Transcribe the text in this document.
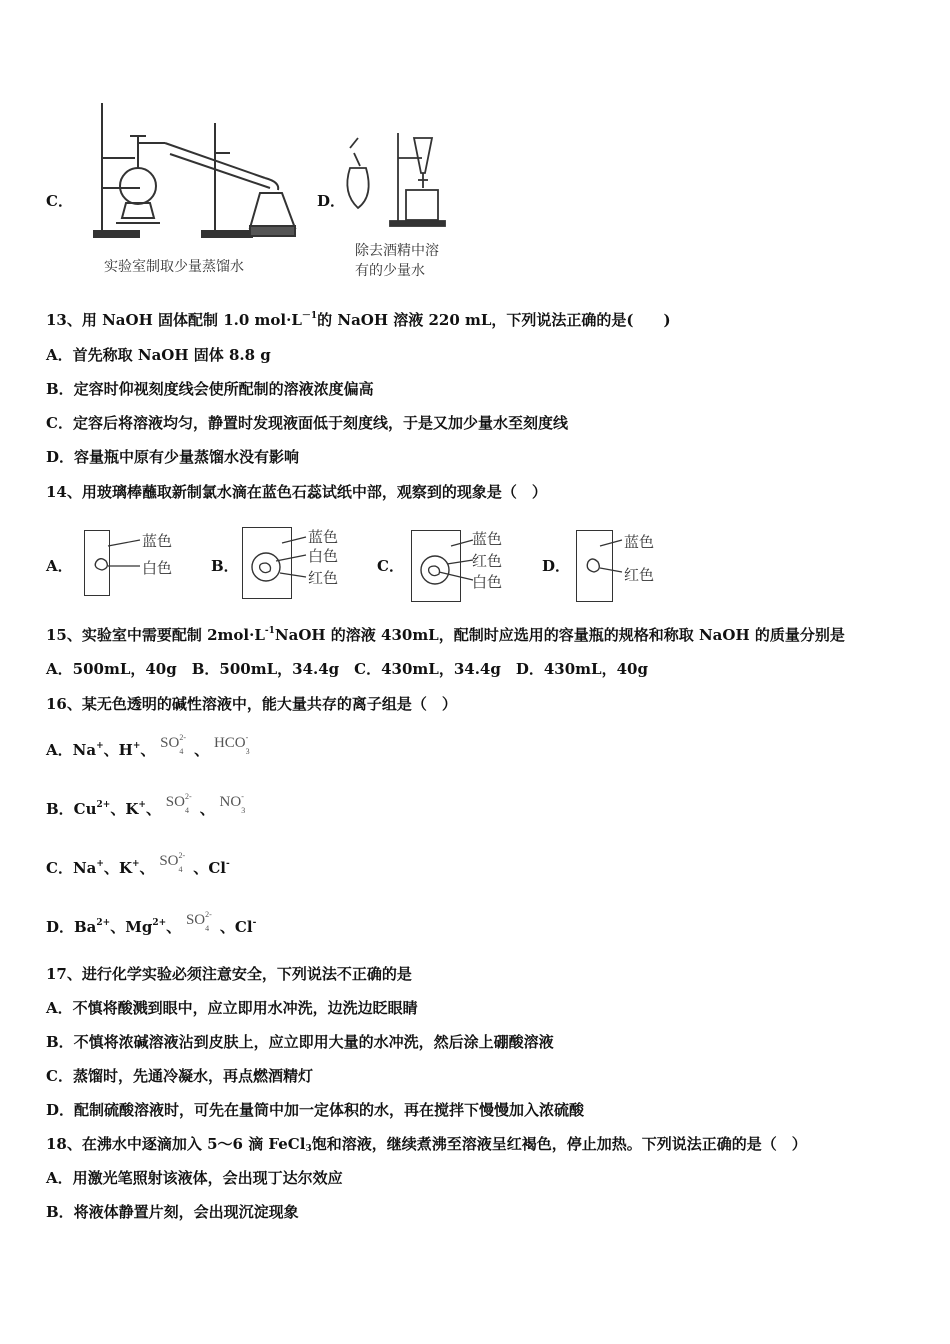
C．
实验室制取少量蒸馏水
D．
除去酒精中溶
有的少量水
13、用 NaOH 固体配制 1.0 $mol\cdot L^{-1}$的 NaOH 溶液 220 mL，下列说法正确的是(　　)
A．首先称取 NaOH 固体 8.8 g
B．定容时仰视刻度线会使所配制的溶液浓度偏高
C．定容后将溶液均匀，静置时发现液面低于刻度线，于是又加少量水至刻度线
D．容量瓶中原有少量蒸馏水没有影响
14、用玻璃棒蘸取新制氯水滴在蓝色石蕊试纸中部，观察到的现象是（　）
A．
蓝色
白色	B．
蓝色
白色
红色
C．
蓝色
红色
白色
D．
蓝色
红色
15、实验室中需要配制 $2mol\cdot L^{-1}NaOH$ 的溶液 430mL，配制时应选用的容量瓶的规格和称取 NaOH 的质量分别是
A．500mL，40g　B．500mL，34.4g　C．430mL，34.4g　D．430mL，40g
16、某无色透明的碱性溶液中，能大量共存的离子组是（　）
A．Na+、H+、 SO 2-
4 、 HCO -
3
B．$Cu^{2+}$、K+、 SO 2-
4 、 NO -
3
C．Na+、K+、 SO 2-
4 、Cl-
D．$Ba^{2+}$、$Mg^{2+}$、 SO 2-
4 、Cl-
17、进行化学实验必须注意安全，下列说法不正确的是
A．不慎将酸溅到眼中，应立即用水冲洗，边洗边眨眼睛
B．不慎将浓碱溶液沾到皮肤上，应立即用大量的水冲洗，然后涂上硼酸溶液
C．蒸馏时，先通冷凝水，再点燃酒精灯
D．配制硫酸溶液时，可先在量筒中加一定体积的水，再在搅拌下慢慢加入浓硫酸
18、在沸水中逐滴加入 5～6 滴 FeCl$_3$饱和溶液，继续煮沸至溶液呈红褐色，停止加热。下列说法正确的是（　）
A．用激光笔照射该液体，会出现丁达尔效应
B．将液体静置片刻，会出现沉淀现象
